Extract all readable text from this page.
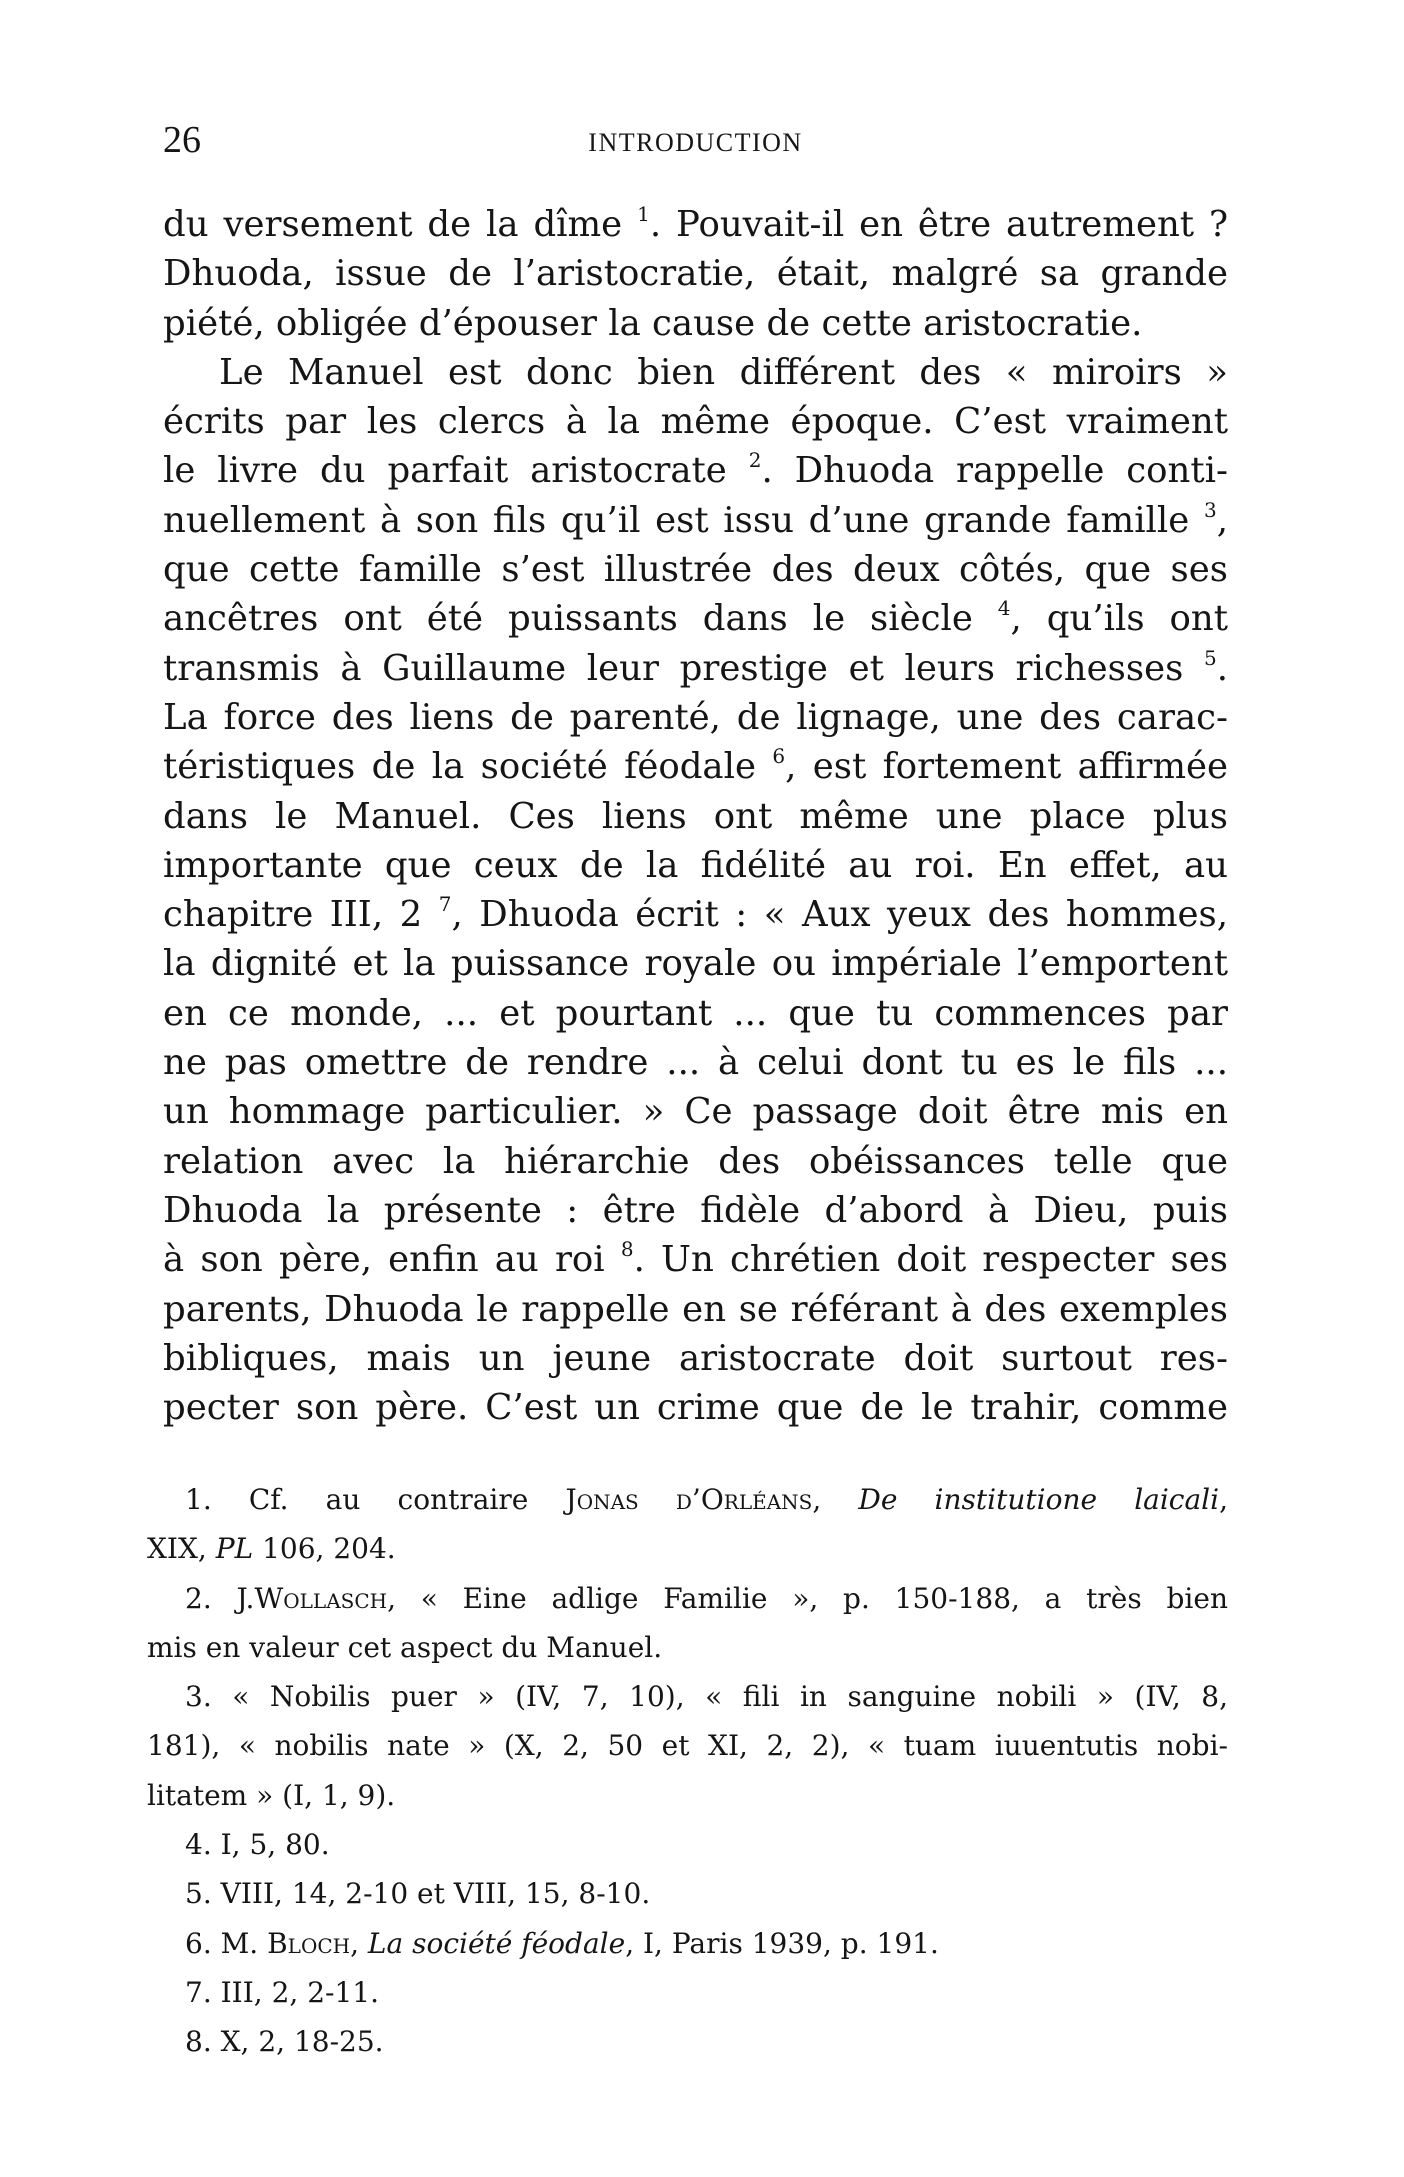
26	INTRODUCTION
du versement de la dîme $^1$. Pouvait-il en être autrement ?
Dhuoda, issue de l’aristocratie, était, malgré sa grande
piété, obligée d’épouser la cause de cette aristocratie.
Le Manuel est donc bien différent des « miroirs »
écrits par les clercs à la même époque. C’est vraiment
le livre du parfait aristocrate $^2$. Dhuoda rappelle conti-
nuellement à son fils qu’il est issu d’une grande famille $^3$,
que cette famille s’est illustrée des deux côtés, que ses
ancêtres ont été puissants dans le siècle $^4$, qu’ils ont
transmis à Guillaume leur prestige et leurs richesses $^5$.
La force des liens de parenté, de lignage, une des carac-
téristiques de la société féodale $^6$, est fortement affirmée
dans le Manuel. Ces liens ont même une place plus
importante que ceux de la fidélité au roi. En effet, au
chapitre III, 2 $^7$, Dhuoda écrit : « Aux yeux des hommes,
la dignité et la puissance royale ou impériale l’emportent
en ce monde, ... et pourtant ... que tu commences par
ne pas omettre de rendre ... à celui dont tu es le fils ...
un hommage particulier. » Ce passage doit être mis en
relation avec la hiérarchie des obéissances telle que
Dhuoda la présente : être fidèle d’abord à Dieu, puis
à son père, enfin au roi $^8$. Un chrétien doit respecter ses
parents, Dhuoda le rappelle en se référant à des exemples
bibliques, mais un jeune aristocrate doit surtout res-
pecter son père. C’est un crime que de le trahir, comme
1. Cf. au contraire Jonas d’Orléans, De institutione laicali,
XIX, PL 106, 204.
2. J.Wollasch, « Eine adlige Familie », p. 150-188, a très bien
mis en valeur cet aspect du Manuel.
3. « Nobilis puer » (IV, 7, 10), « fili in sanguine nobili » (IV, 8,
181), « nobilis nate » (X, 2, 50 et XI, 2, 2), « tuam iuuentutis nobi-
litatem » (I, 1, 9).
4. I, 5, 80.
5. VIII, 14, 2-10 et VIII, 15, 8-10.
6. M. Bloch, La société féodale, I, Paris 1939, p. 191.
7. III, 2, 2-11.
8. X, 2, 18-25.
